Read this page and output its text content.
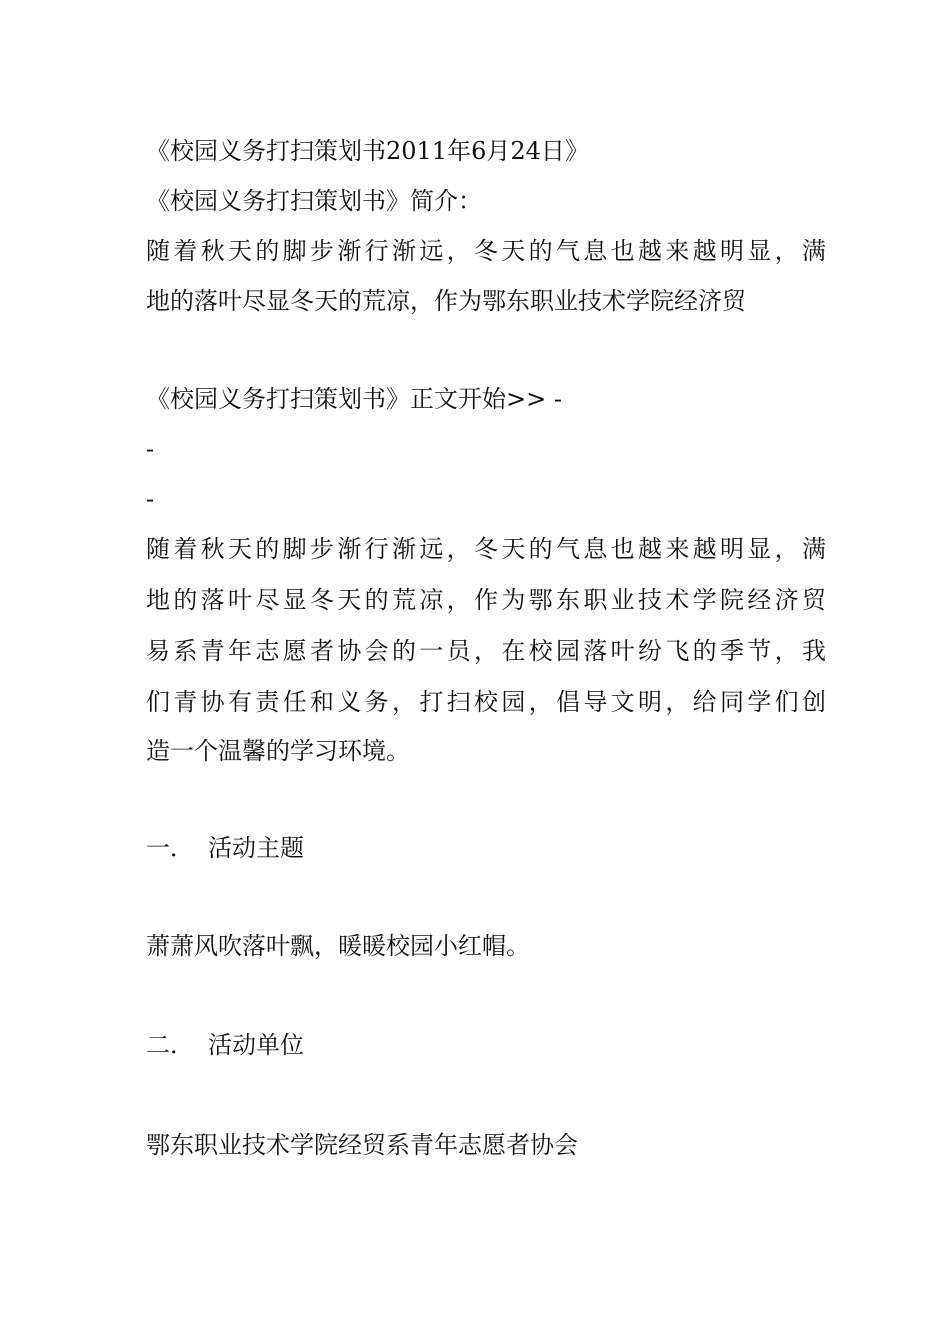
《校园义务打扫策划书2011年6月24日》
《校园义务打扫策划书》简介：
随着秋天的脚步渐行渐远，冬天的气息也越来越明显，满
地的落叶尽显冬天的荒凉，作为鄂东职业技术学院经济贸
《校园义务打扫策划书》正文开始>> -
-
-
随着秋天的脚步渐行渐远，冬天的气息也越来越明显，满
地的落叶尽显冬天的荒凉，作为鄂东职业技术学院经济贸
易系青年志愿者协会的一员，在校园落叶纷飞的季节，我
们青协有责任和义务，打扫校园，倡导文明，给同学们创
造一个温馨的学习环境。
一． 活动主题
萧萧风吹落叶飘，暖暖校园小红帽。
二． 活动单位
鄂东职业技术学院经贸系青年志愿者协会
